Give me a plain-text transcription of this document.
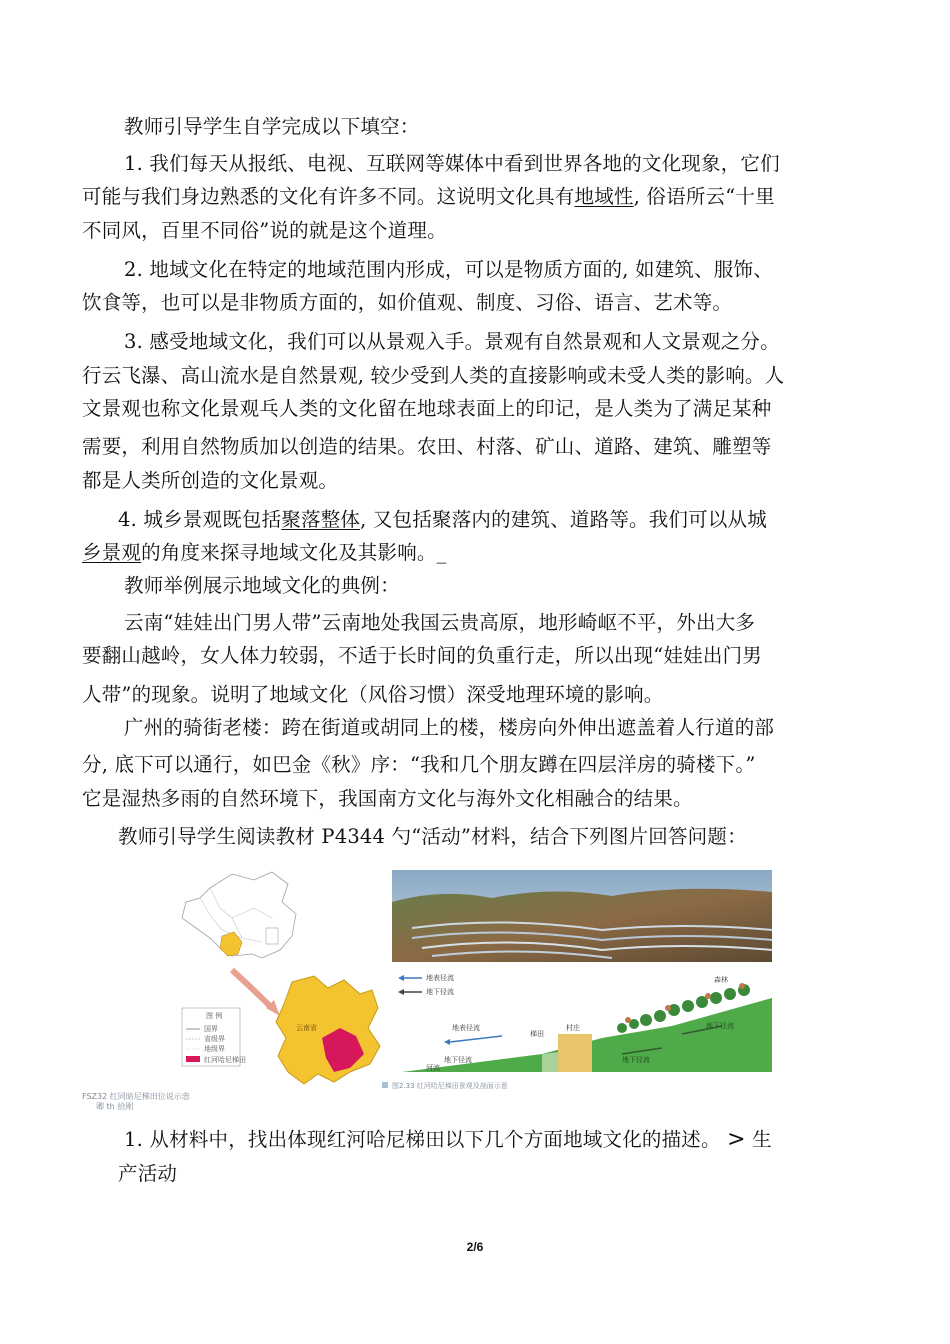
教师引导学生自学完成以下填空：
1. 我们每天从报纸、电视、互联网等媒体中看到世界各地的文化现象，它们
可能与我们身边熟悉的文化有许多不同。这说明文化具有地域性, 俗语所云“十里
不同风，百里不同俗”说的就是这个道理。
2. 地域文化在特定的地域范围内形成，可以是物质方面的, 如建筑、服饰、
饮食等，也可以是非物质方面的，如价值观、制度、习俗、语言、艺术等。
3. 感受地域文化，我们可以从景观入手。景观有自然景观和人文景观之分。
行云飞瀑、高山流水是自然景观, 较少受到人类的直接影响或未受人类的影响。人
文景观也称文化景观乓人类的文化留在地球表面上的印记，是人类为了满足某种
需要，利用自然物质加以创造的结果。农田、村落、矿山、道路、建筑、雕塑等
都是人类所创造的文化景观。
4. 城乡景观既包括聚落整体, 又包括聚落内的建筑、道路等。我们可以从城
乡景观的角度来探寻地域文化及其影响。_
教师举例展示地域文化的典例：
云南“娃娃出门男人带”云南地处我国云贵高原，地形崎岖不平，外出大多
要翻山越岭，女人体力较弱，不适于长时间的负重行走，所以出现“娃娃出门男
人带”的现象。说明了地域文化（风俗习惯）深受地理环境的影响。
广州的骑街老楼：跨在街道或胡同上的楼，楼房向外伸出遮盖着人行道的部
分, 底下可以通行，如巴金《秋》序：“我和几个朋友蹲在四层洋房的骑楼下。”
它是湿热多雨的自然环境下，我国南方文化与海外文化相融合的结果。
教师引导学生阅读教材 P4344 勺“活动”材料，结合下列图片回答问题：
图 例
国界
省级界
地级界
红河哈尼梯田
云南省
地表径流
地下径流
地表径流
地下径流
梯田
村庄
森林
河流
地下径流
地下径流
图2.33 红河哈尼梯田景观及剖面示意
FSZ32 红同暗尼梯田位说示悫
卿 th 拾刚
1. 从材料中，找出体现红河哈尼梯田以下几个方面地域文化的描述。 > 生
产活动
2/6
